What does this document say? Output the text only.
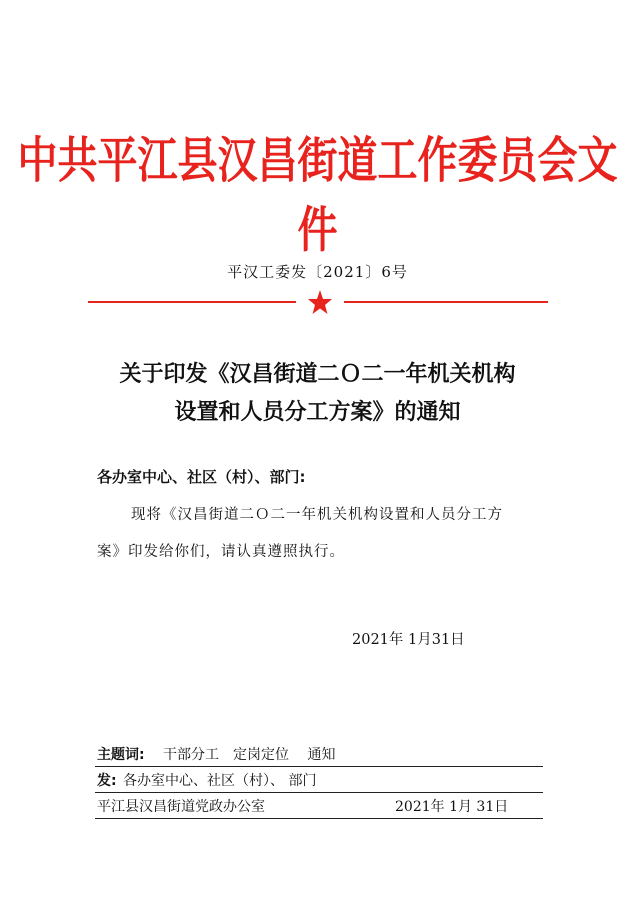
中共平江县汉昌街道工作委员会文件
平汉工委发〔2021〕6号
关于印发《汉昌街道二Ｏ二一年机关机构
设置和人员分工方案》的通知
各办室中心、社区（村）、部门:
现将《汉昌街道二Ｏ二一年机关机构设置和人员分工方
案》印发给你们，请认真遵照执行。
2021年 1月31日
主题词: 干部分工　定岗定位　 通知
发: 各办室中心、社区（村）、 部门
平江县汉昌街道党政办公室	2021年 1月 31日
